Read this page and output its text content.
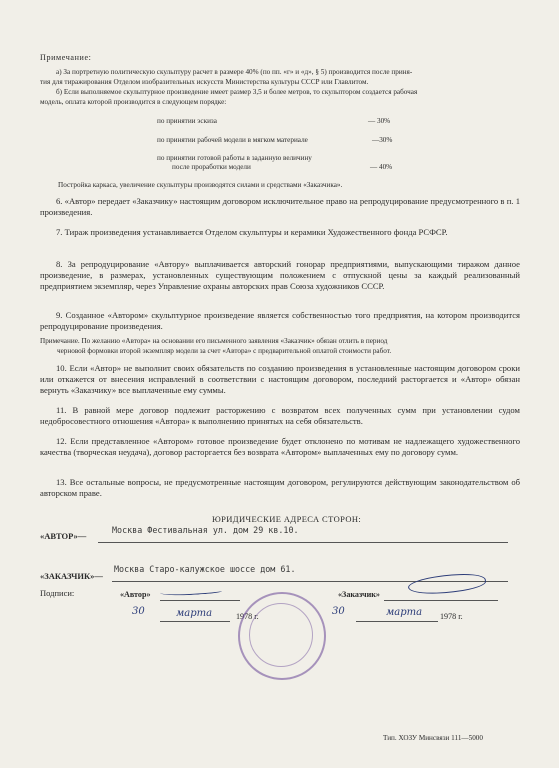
Примечание:
а) За портретную политическую скульптуру расчет в размере 40% (по пп. «г» и «д», § 5) производится после приня-
тия для тиражирования Отделом изобразительных искусств Министерства культуры СССР или Главлитом.
б) Если выполняемое скульптурное произведение имеет размер 3,5 и более метров, то скульптором создается рабочая
модель, оплата которой производится в следующем порядке:
по принятии эскиза	— 30%
по принятии рабочей модели в мягком материале	—30%
по принятии готовой работы в заданную величину
после проработки модели	— 40%
Постройка каркаса, увеличение скульптуры производятся силами и средствами «Заказчика».
6. «Автор» передает «Заказчику» настоящим договором исключительное право на репродуцирование предусмотренного в п. 1 произведения.
7. Тираж произведения устанавливается Отделом скульптуры и керамики Художественного фонда РСФСР.
8. За репродуцирование «Автору» выплачивается авторский гонорар предприятиями, выпускающими тиражом данное произведение, в размерах, установленных существующим положением с отпускной цены за каждый реализованный предприятием экземпляр, через Управление охраны авторских прав Союза художников СССР.
9. Созданное «Автором» скульптурное произведение является собственностью того предприятия, на котором производится репродуцирование произведения.
Примечание. По желанию «Автора» на основании его письменного заявления «Заказчик» обязан отлить в период
черновой формовки второй экземпляр модели за счет «Автора» с предварительной оплатой стоимости работ.
10. Если «Автор» не выполнит своих обязательств по созданию произведения в установленные настоящим договором сроки или откажется от внесения исправлений в соответствии с настоящим договором, последний расторгается и «Автор» обязан вернуть «Заказчику» все выплаченные ему суммы.
11. В равной мере договор подлежит расторжению с возвратом всех полученных сумм при установлении судом недобросовестного отношения «Автора» к выполнению принятых на себя обязательств.
12. Если представленное «Автором» готовое произведение будет отклонено по мотивам не надлежащего художественного качества (творческая неудача), договор расторгается без возврата «Автором» выплаченных ему по договору сумм.
13. Все остальные вопросы, не предусмотренные настоящим договором, регулируются действующим законодательством об авторском праве.
ЮРИДИЧЕСКИЕ АДРЕСА СТОРОН:
«АВТОР»—
Москва Фестивальная ул. дом 29 кв.10.
«ЗАКАЗЧИК»—
Москва Старо-калужское шоссе дом 61.
Подписи:	«Автор»	«Заказчик»
30	марта	1978 г.	30	марта 1978 г.
Тип. ХОЗУ Минсвязи 111—5000
